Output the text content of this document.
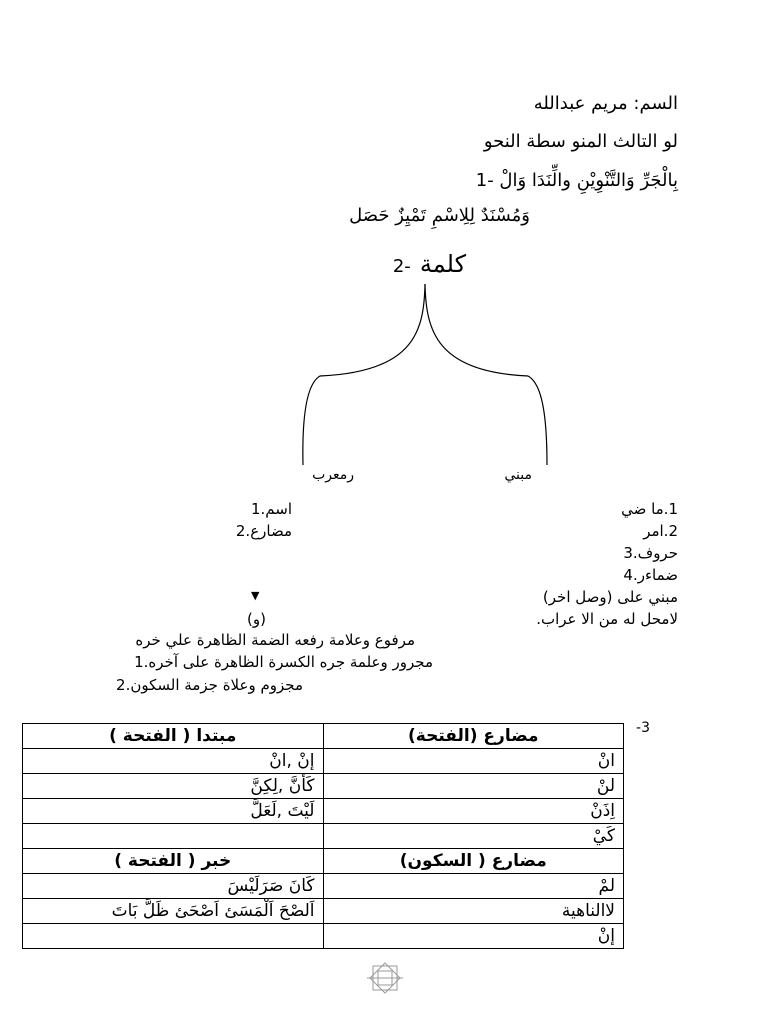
السم: مريم عبدالله
لو التالث المنو سطة النحو
بِالْجَرِّ وَالتَّنْوِيْنِ والِّنَدَا وَالْ -1
وَمُسْنَدٌ لِلِاسْمِ تَمْيِزٌ حَصَل
كلمة -2
رمعرب	مبني
اسم.1
مضارع.2
1.ما ضي
2.امر
حروف.3
ضماءر.4
مبني على (وصل اخر)
لامحل له من الا عراب.
▼
(و)
مرفوع وعلامة رفعه الضمة الظاهرة علي خره
مجرور وعلمة جره الكسرة الظاهرة على آخره.1
مجزوم وعلاة جزمة السكون.2
-3
مضارع (الفتحة)	مبتدا ( الفتحة )
انْ	إنْ ,انْ
لنْ	كَأَنَّ ,لِكِنَّ
اِذَنْ	لَيْتَ ,لَعَلَّ
كَيْ	
مضارع ( السكون)	خبر ( الفتحة )
لمْ	كَانَ صَرَلَيْسَ
لاالناهية	اَلصْحَ اَلْمَسَئ اَصْحَئ ظَلَّ بَاتَ
إنْ	
